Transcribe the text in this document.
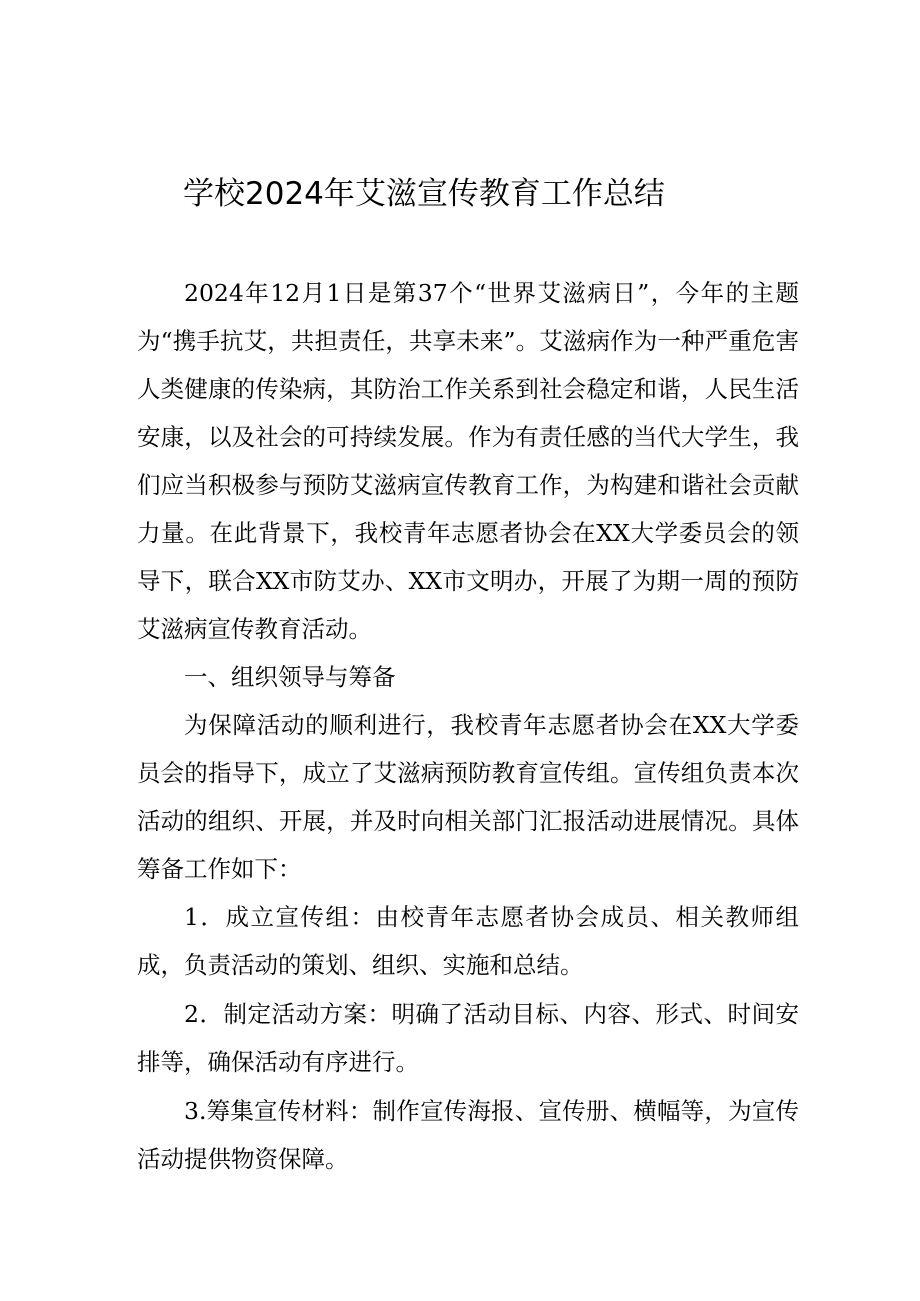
学校2024年艾滋宣传教育工作总结

2024年12月1日是第37个“世界艾滋病日”，今年的主题为“携手抗艾，共担责任，共享未来”。艾滋病作为一种严重危害人类健康的传染病，其防治工作关系到社会稳定和谐，人民生活安康，以及社会的可持续发展。作为有责任感的当代大学生，我们应当积极参与预防艾滋病宣传教育工作，为构建和谐社会贡献力量。在此背景下，我校青年志愿者协会在XX大学委员会的领导下，联合XX市防艾办、XX市文明办，开展了为期一周的预防艾滋病宣传教育活动。

一、组织领导与筹备

为保障活动的顺利进行，我校青年志愿者协会在XX大学委员会的指导下，成立了艾滋病预防教育宣传组。宣传组负责本次活动的组织、开展，并及时向相关部门汇报活动进展情况。具体筹备工作如下：

1．成立宣传组：由校青年志愿者协会成员、相关教师组成，负责活动的策划、组织、实施和总结。

2．制定活动方案：明确了活动目标、内容、形式、时间安排等，确保活动有序进行。

3.筹集宣传材料：制作宣传海报、宣传册、横幅等，为宣传活动提供物资保障。
